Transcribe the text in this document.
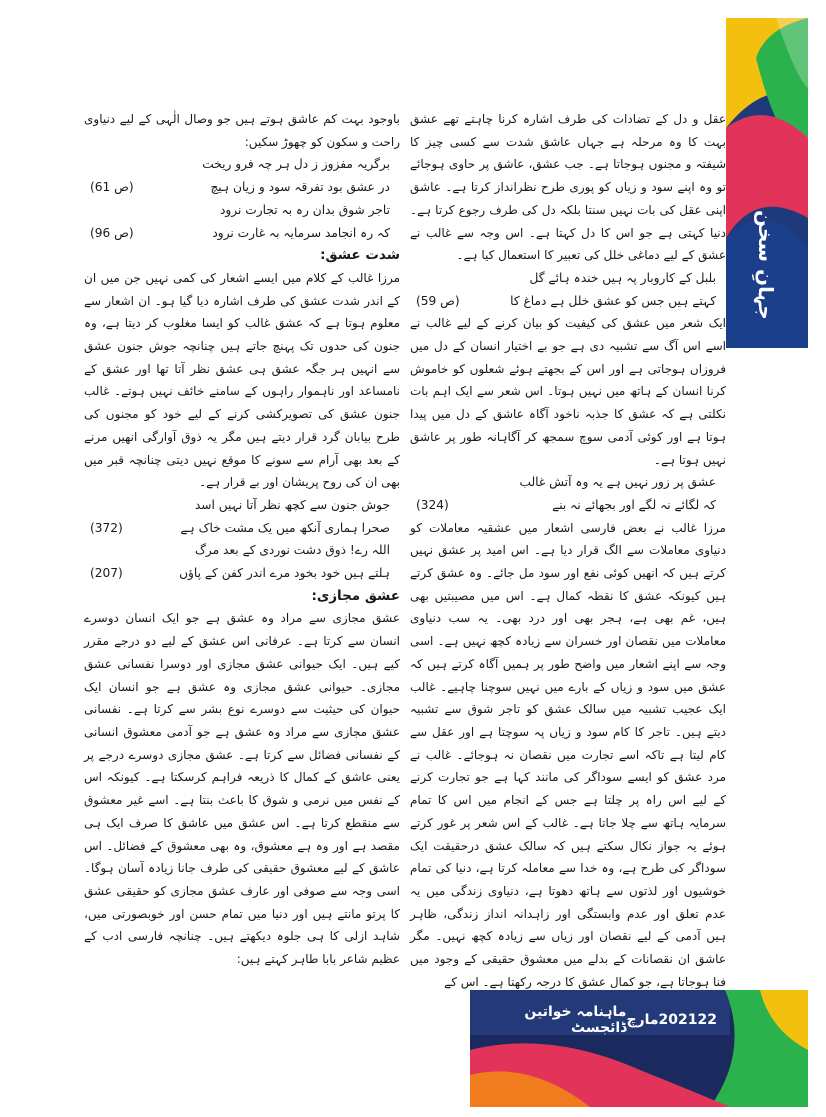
جہانِ سخن
22
2021
مارچ
ماہنامہ خواتین ڈائجسٹ

عقل و دل کے تضادات کی طرف اشارہ کرنا چاہتے تھے عشق بہت کا وہ مرحلہ ہے جہاں عاشق شدت سے کسی چیز کا شیفتہ و مجنوں ہوجاتا ہے۔ جب عشق، عاشق پر حاوی ہوجائے تو وہ اپنے سود و زیاں کو پوری طرح نظرانداز کرتا ہے۔ عاشق اپنی عقل کی بات نہیں سنتا بلکہ دل کی طرف رجوع کرتا ہے۔ دنیا کہتی ہے جو اس کا دل کہتا ہے۔ اس وجہ سے غالب نے عشق کے لیے دماغی خلل کی تعبیر کا استعمال کیا ہے۔

بلبل کے کاروبار پہ ہیں خندہ ہائے گل
کہتے ہیں جس کو عشق خلل ہے دماغ کا
(ص 59)

ایک شعر میں عشق کی کیفیت کو بیان کرنے کے لیے غالب نے اسے اس آگ سے تشبیہ دی ہے جو بے اختیار انسان کے دل میں فروزاں ہوجاتی ہے اور اس کے بجھتے ہوئے شعلوں کو خاموش کرنا انسان کے ہاتھ میں نہیں ہوتا۔ اس شعر سے ایک اہم بات نکلتی ہے کہ عشق کا جذبہ ناخود آگاہ عاشق کے دل میں پیدا ہوتا ہے اور کوئی آدمی سوچ سمجھ کر آگاہانہ طور پر عاشق نہیں ہوتا ہے۔

عشق پر زور نہیں ہے یہ وہ آتش غالب
کہ لگائے نہ لگے اور بجھائے نہ بنے
(324)

مرزا غالب نے بعض فارسی اشعار میں عشقیہ معاملات کو دنیاوی معاملات سے الگ قرار دیا ہے۔ اس امید پر عشق نہیں کرتے ہیں کہ انھیں کوئی نفع اور سود مل جائے۔ وہ عشق کرتے ہیں کیونکہ عشق کا نقطہ کمال ہے۔ اس میں مصیبتیں بھی ہیں، غم بھی ہے، ہجر بھی اور درد بھی۔ یہ سب دنیاوی معاملات میں نقصان اور خسران سے زیادہ کچھ نہیں ہے۔ اسی وجہ سے اپنے اشعار میں واضح طور پر ہمیں آگاہ کرتے ہیں کہ عشق میں سود و زیاں کے بارے میں نہیں سوچنا چاہیے۔ غالب ایک عجیب تشبیہ میں سالک عشق کو تاجر شوق سے تشبیہ دیتے ہیں۔ تاجر کا کام سود و زیاں پہ سوچتا ہے اور عقل سے کام لیتا ہے تاکہ اسے تجارت میں نقصان نہ ہوجائے۔ غالب نے مرد عشق کو ایسے سوداگر کی مانند کہا ہے جو تجارت کرنے کے لیے اس راہ پر چلتا ہے جس کے انجام میں اس کا تمام سرمایہ ہاتھ سے چلا جاتا ہے۔ غالب کے اس شعر پر غور کرتے ہوئے یہ جواز نکال سکتے ہیں کہ سالک عشق درحقیقت ایک سوداگر کی طرح ہے، وہ خدا سے معاملہ کرتا ہے، دنیا کی تمام خوشیوں اور لذتوں سے ہاتھ دھوتا ہے، دنیاوی زندگی میں یہ عدم تعلق اور عدم وابستگی اور زاہدانہ انداز زندگی، ظاہر ہیں آدمی کے لیے نقصان اور زیاں سے زیادہ کچھ نہیں۔ مگر عاشق ان نقصانات کے بدلے میں معشوق حقیقی کے وجود میں فنا ہوجاتا ہے، جو کمال عشق کا درجہ رکھتا ہے۔ اس کے

باوجود بہت کم عاشق ہوتے ہیں جو وصال الٰہی کے لیے دنیاوی راحت و سکون کو چھوڑ سکیں:

برگریہ مفزوز ز دل ہر چہ فرو ریخت
در عشق بود تفرقہ سود و زیان ہیچ
(ص 61)
تاجر شوق بدان رہ بہ تجارت نرود
کہ رہ انجامد سرمایہ بہ غارت نرود
(ص 96)
شدت عشق:

مرزا غالب کے کلام میں ایسے اشعار کی کمی نہیں جن میں ان کے اندر شدت عشق کی طرف اشارہ دیا گیا ہو۔ ان اشعار سے معلوم ہوتا ہے کہ عشق غالب کو ایسا مغلوب کر دیتا ہے، وہ جنون کی حدوں تک پہنچ جاتے ہیں چنانچہ جوش جنون عشق سے انہیں ہر جگہ عشق ہی عشق نظر آتا تھا اور عشق کے نامساعد اور ناہموار راہوں کے سامنے خائف نہیں ہوتے۔ غالب جنون عشق کی تصویرکشی کرنے کے لیے خود کو مجنوں کی طرح بیابان گرد قرار دیتے ہیں مگر یہ ذوق آوارگی انھیں مرنے کے بعد بھی آرام سے سونے کا موقع نہیں دیتی چنانچہ قبر میں بھی ان کی روح پریشان اور بے قرار ہے۔

جوش جنون سے کچھ نظر آتا نہیں اسد
صحرا ہماری آنکھ میں یک مشت خاک ہے
(372)
اللہ رے! ذوق دشت نوردی کے بعد مرگ
ہلتے ہیں خود بخود مرے اندر کفن کے پاؤں
(207)
عشق مجازی:

عشق مجازی سے مراد وہ عشق ہے جو ایک انسان دوسرے انسان سے کرتا ہے۔ عرفانی اس عشق کے لیے دو درجے مقرر کیے ہیں۔ ایک حیوانی عشق مجازی اور دوسرا نفسانی عشق مجازی۔ حیوانی عشق مجازی وہ عشق ہے جو انسان ایک حیوان کی حیثیت سے دوسرے نوع بشر سے کرتا ہے۔ نفسانی عشق مجازی سے مراد وہ عشق ہے جو آدمی معشوق انسانی کے نفسانی فضائل سے کرتا ہے۔ عشق مجازی دوسرے درجے پر یعنی عاشق کے کمال کا ذریعہ فراہم کرسکتا ہے۔ کیونکہ اس کے نفس میں نرمی و شوق کا باعث بنتا ہے۔ اسے غیر معشوق سے منقطع کرتا ہے۔ اس عشق میں عاشق کا صرف ایک ہی مقصد ہے اور وہ ہے معشوق، وہ بھی معشوق کے فضائل۔ اس عاشق کے لیے معشوق حقیقی کی طرف جانا زیادہ آسان ہوگا۔ اسی وجہ سے صوفی اور عارف عشق مجازی کو حقیقی عشق کا پرتو مانتے ہیں اور دنیا میں تمام حسن اور خوبصورتی میں، شاہد ازلی کا ہی جلوہ دیکھتے ہیں۔ چنانچہ فارسی ادب کے عظیم شاعر بابا طاہر کہتے ہیں:
